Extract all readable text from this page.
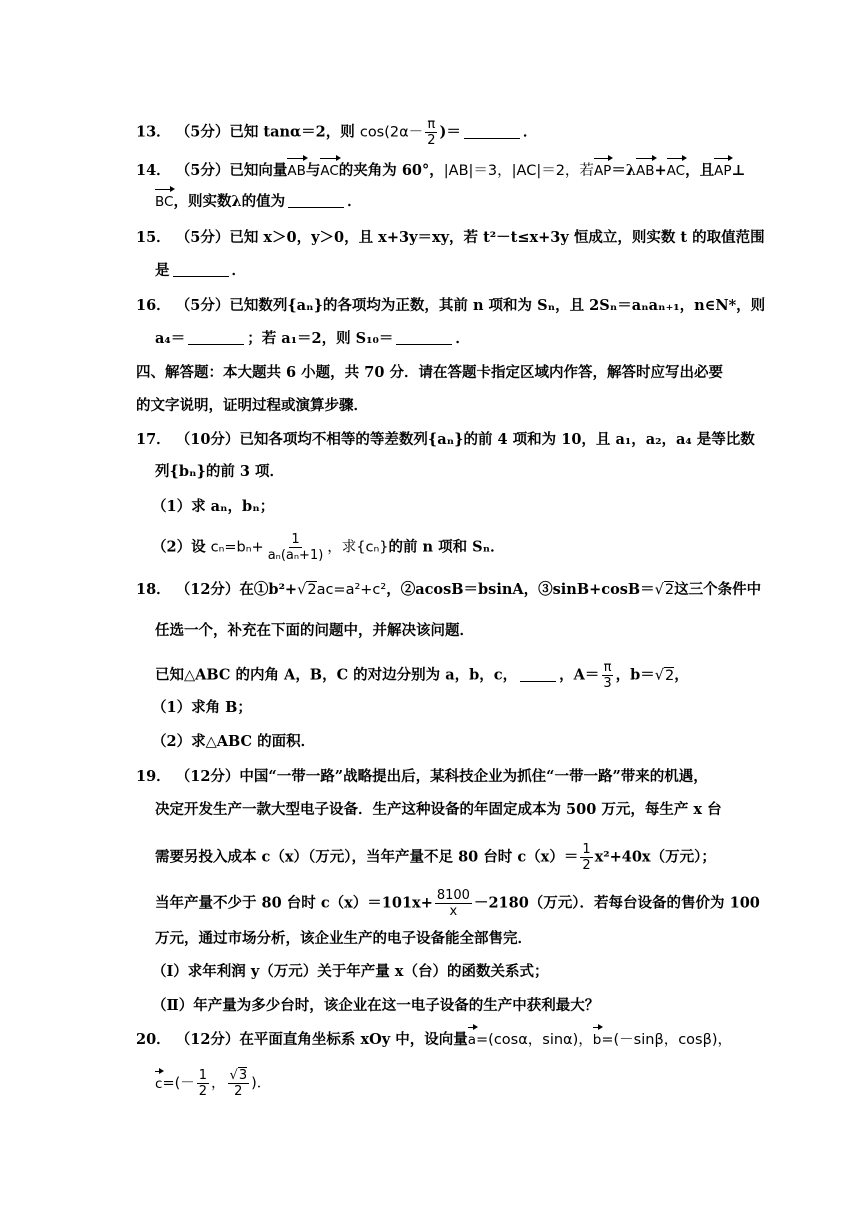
13． （5分）已知 tanα＝2，则 $\cos(2\alpha- \frac{\pi}{2}$ )＝	．
14． （5分）已知向量AB与AC的夹角为 60°，|AB|＝3，|AC|＝2，若AP＝λAB+AC，且AP⊥
BC，则实数λ的值为	．
15． （5分）已知 x＞0，y＞0，且 x+3y＝xy，若 t²－t≤x+3y 恒成立，则实数 t 的取值范围
是	．
16． （5分）已知数列{aₙ}的各项均为正数，其前 n 项和为 Sₙ，且 2Sₙ＝aₙaₙ₊₁，n∈N*，则
a₄＝	；若 a₁＝2，则 S₁₀＝	．
四、解答题：本大题共 6 小题，共 70 分．请在答题卡指定区域内作答，解答时应写出必要
的文字说明，证明过程或演算步骤．
17． （10分）已知各项均不相等的等差数列{aₙ}的前 4 项和为 10，且 a₁，a₂，a₄ 是等比数
列{bₙ}的前 3 项．
（1）求 aₙ，bₙ；
（2）设 $c_n=b_n+ \frac{1}{\text{aₙ(aₙ+1)}}$ ，求{cₙ}的前 n 项和 Sₙ．
18． （12分）在①b²+√2ac=a²+c²，②acosB＝bsinA，③sinB+cosB＝√2这三个条件中
任选一个，补充在下面的问题中，并解决该问题．
已知△ABC 的内角 A，B，C 的对边分别为 a，b，c，	，$A= \frac{\pi}{3}$ ，b＝√2，
（1）求角 B；
（2）求△ABC 的面积．
19． （12分）中国“一带一路”战略提出后，某科技企业为抓住“一带一路”带来的机遇，
决定开发生产一款大型电子设备．生产这种设备的年固定成本为 500 万元，每生产 x 台
需要另投入成本 c（x）（万元），当年产量不足 80 台时 $c(x)= \frac{1}{2} x^2+40x$（万元）；
当年产量不少于 80 台时 $c(x)=101x+ \frac{8100}{x} -2180$（万元）．若每台设备的售价为 100
万元，通过市场分析，该企业生产的电子设备能全部售完．
（Ⅰ）求年利润 y（万元）关于年产量 x（台）的函数关系式；
（Ⅱ）年产量为多少台时，该企业在这一电子设备的生产中获利最大？
20． （12分）在平面直角坐标系 xOy 中，设向量a=(cosα，sinα)，b=(－sinβ，cosβ)，
$c=(- \frac{1}{2}$ ， $\frac{√3}{2}$ )．
